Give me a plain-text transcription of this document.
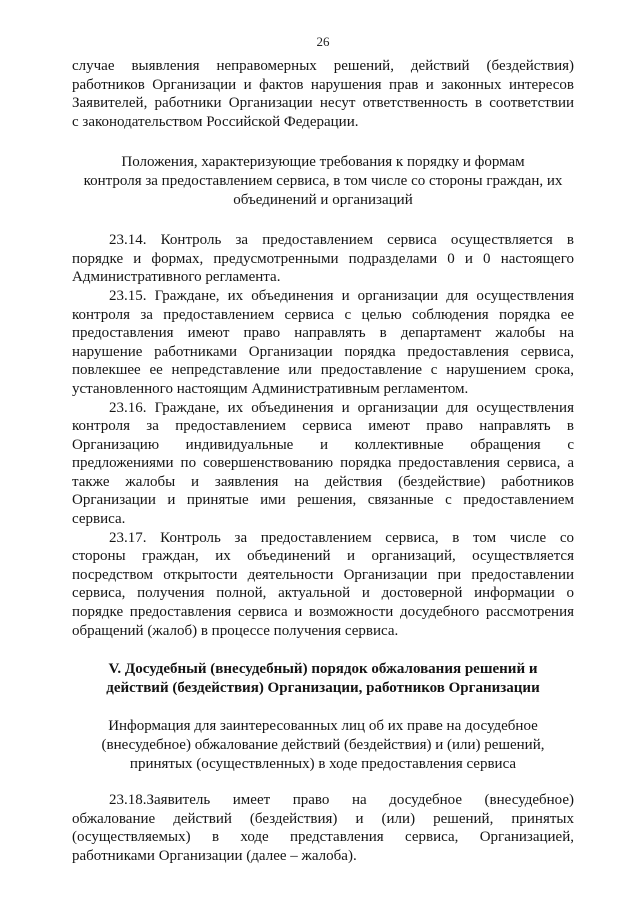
26
случае выявления неправомерных решений, действий (бездействия)
работников Организации и фактов нарушения прав и законных интересов
Заявителей, работники Организации несут ответственность в соответствии
с законодательством Российской Федерации.
Положения, характеризующие требования к порядку и формам
контроля за предоставлением сервиса, в том числе со стороны граждан, их
объединений и организаций
23.14. Контроль за предоставлением сервиса осуществляется в
порядке и формах, предусмотренными подразделами 0 и 0 настоящего
Административного регламента.
23.15. Граждане, их объединения и организации для осуществления
контроля за предоставлением сервиса с целью соблюдения порядка ее
предоставления имеют право направлять в департамент жалобы на
нарушение работниками Организации порядка предоставления сервиса,
повлекшее ее непредставление или предоставление с нарушением срока,
установленного настоящим Административным регламентом.
23.16. Граждане, их объединения и организации для осуществления
контроля за предоставлением сервиса имеют право направлять в
Организацию индивидуальные и коллективные обращения с
предложениями по совершенствованию порядка предоставления сервиса, а
также жалобы и заявления на действия (бездействие) работников
Организации и принятые ими решения, связанные с предоставлением
сервиса.
23.17. Контроль за предоставлением сервиса, в том числе со
стороны граждан, их объединений и организаций, осуществляется
посредством открытости деятельности Организации при предоставлении
сервиса, получения полной, актуальной и достоверной информации о
порядке предоставления сервиса и возможности досудебного рассмотрения
обращений (жалоб) в процессе получения сервиса.
V. Досудебный (внесудебный) порядок обжалования решений и
действий (бездействия) Организации, работников Организации
Информация для заинтересованных лиц об их праве на досудебное
(внесудебное) обжалование действий (бездействия) и (или) решений,
принятых (осуществленных) в ходе предоставления сервиса
23.18.Заявитель имеет право на досудебное (внесудебное)
обжалование действий (бездействия) и (или) решений, принятых
(осуществляемых) в ходе представления сервиса, Организацией,
работниками Организации (далее – жалоба).
